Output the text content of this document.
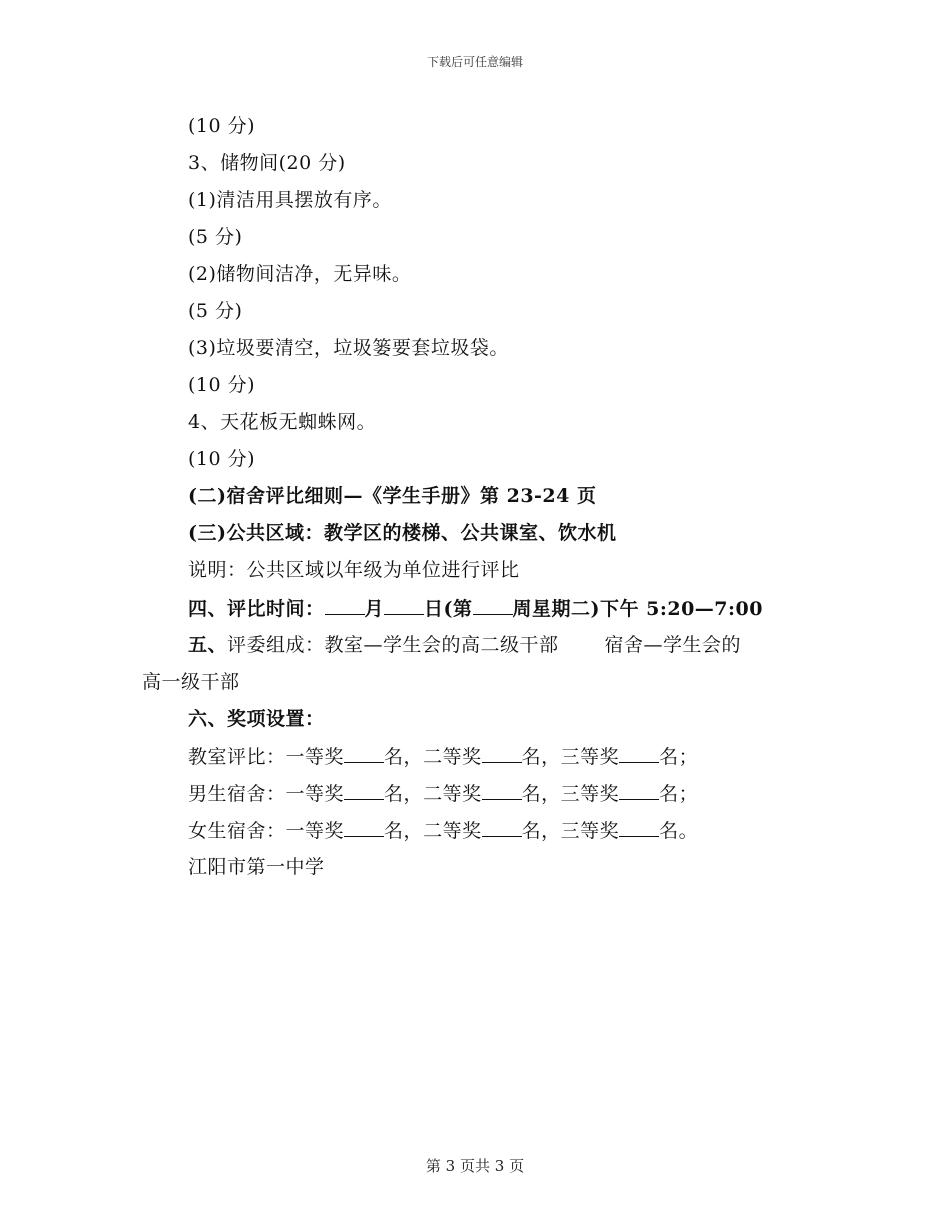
下载后可任意编辑
(10 分)
3、储物间(20 分)
(1)清洁用具摆放有序。
(5 分)
(2)储物间洁净，无异味。
(5 分)
(3)垃圾要清空，垃圾篓要套垃圾袋。
(10 分)
4、天花板无蜘蛛网。
(10 分)
(二)宿舍评比细则—《学生手册》第 23-24 页
(三)公共区域：教学区的楼梯、公共课室、饮水机
说明：公共区域以年级为单位进行评比
四、评比时间： 月 日(第 周星期二)下午 5:20—7:00
五、评委组成：教室—学生会的高二级干部 宿舍—学生会的
高一级干部
六、奖项设置：
教室评比：一等奖 名，二等奖 名，三等奖 名；
男生宿舍：一等奖 名，二等奖 名，三等奖 名；
女生宿舍：一等奖 名，二等奖 名，三等奖 名。
江阳市第一中学
第 3 页共 3 页
